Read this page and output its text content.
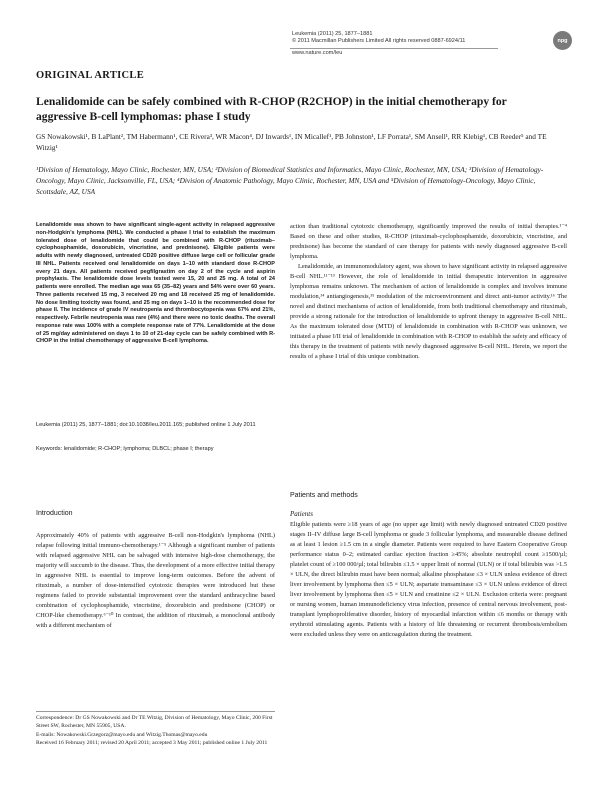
Leukemia (2011) 25, 1877–1881
© 2011 Macmillan Publishers Limited All rights reserved 0887-6924/11
www.nature.com/leu
npg
ORIGINAL ARTICLE
Lenalidomide can be safely combined with R-CHOP (R2CHOP) in the initial chemotherapy for aggressive B-cell lymphomas: phase I study
GS Nowakowski¹, B LaPlant², TM Habermann¹, CE Rivera³, WR Macon⁴, DJ Inwards¹, IN Micallef¹, PB Johnston¹, LF Porrata¹, SM Ansell¹, RR Klebig¹, CB Reeder⁵ and TE Witzig¹
¹Division of Hematology, Mayo Clinic, Rochester, MN, USA; ²Division of Biomedical Statistics and Informatics, Mayo Clinic, Rochester, MN, USA; ³Division of Hematology-Oncology, Mayo Clinic, Jacksonville, FL, USA; ⁴Division of Anatomic Pathology, Mayo Clinic, Rochester, MN, USA and ⁵Division of Hematology-Oncology, Mayo Clinic, Scottsdale, AZ, USA
Lenalidomide was shown to have significant single-agent activity in relapsed aggressive non-Hodgkin's lymphoma (NHL). We conducted a phase I trial to establish the maximum tolerated dose of lenalidomide that could be combined with R-CHOP (rituximab–cyclophosphamide, doxorubicin, vincristine, and prednisone). Eligible patients were adults with newly diagnosed, untreated CD20 positive diffuse large cell or follicular grade III NHL. Patients received oral lenalidomide on days 1–10 with standard dose R-CHOP every 21 days. All patients received pegfilgrastim on day 2 of the cycle and aspirin prophylaxis. The lenalidomide dose levels tested were 15, 20 and 25 mg. A total of 24 patients were enrolled. The median age was 65 (35–82) years and 54% were over 60 years. Three patients received 15 mg, 3 received 20 mg and 18 received 25 mg of lenalidomide. No dose limiting toxicity was found, and 25 mg on days 1–10 is the recommended dose for phase II. The incidence of grade IV neutropenia and thrombocytopenia was 67% and 21%, respectively. Febrile neutropenia was rare (4%) and there were no toxic deaths. The overall response rate was 100% with a complete response rate of 77%. Lenalidomide at the dose of 25 mg/day administered on days 1 to 10 of 21-day cycle can be safely combined with R-CHOP in the initial chemotherapy of aggressive B-cell lymphoma.
Leukemia (2011) 25, 1877–1881; doi:10.1038/leu.2011.165; published online 1 July 2011
Keywords: lenalidomide; R-CHOP; lymphoma; DLBCL; phase I; therapy
Introduction
Approximately 40% of patients with aggressive B-cell non-Hodgkin's lymphoma (NHL) relapse following initial immuno-chemotherapy.¹⁻⁵ Although a significant number of patients with relapsed aggressive NHL can be salvaged with intensive high-dose chemotherapy, the majority will succumb to the disease. Thus, the development of a more effective initial therapy in aggressive NHL is essential to improve long-term outcomes. Before the advent of rituximab, a number of dose-intensified cytotoxic therapies were introduced but these regimens failed to provide substantial improvement over the standard anthracycline based combination of cyclophosphamide, vincristine, doxorubicin and prednisone (CHOP) or CHOP-like chemotherapy.⁶⁻¹⁰ In contrast, the addition of rituximab, a monoclonal antibody with a different mechanism of
Correspondence: Dr GS Nowakowski and Dr TE Witzig, Division of Hematology, Mayo Clinic, 200 First Street SW, Rochester, MN 55905, USA.
E-mails: Nowakowski.Grzegorz@mayo.edu and Witzig.Thomas@mayo.edu
Received 16 February 2011; revised 20 April 2011; accepted 3 May 2011; published online 1 July 2011

action than traditional cytotoxic chemotherapy, significantly improved the results of initial therapies.¹⁻⁴ Based on these and other studies, R-CHOP (rituximab-cyclophosphamide, doxorubicin, vincristine, and prednisone) has become the standard of care therapy for patients with newly diagnosed aggressive B-cell lymphoma.

Lenalidomide, an immunomodulatory agent, was shown to have significant activity in relapsed aggressive B-cell NHL.¹¹⁻¹³ However, the role of lenalidomide in initial therapeutic intervention in aggressive lymphomas remains unknown. The mechanism of action of lenalidomide is complex and involves immune modulation,¹⁴ antiangiogenesis,¹⁵ modulation of the microenvironment and direct anti-tumor activity.¹⁶ The novel and distinct mechanisms of action of lenalidomide, from both traditional chemotherapy and rituximab, provide a strong rationale for the introduction of lenalidomide to upfront therapy in aggressive B-cell NHL. As the maximum tolerated dose (MTD) of lenalidomide in combination with R-CHOP was unknown, we initiated a phase I/II trial of lenalidomide in combination with R-CHOP to establish the safety and efficacy of this therapy in the treatment of patients with newly diagnosed aggressive B-cell NHL. Herein, we report the results of a phase I trial of this unique combination.

Patients and methods
Patients
Eligible patients were ≥18 years of age (no upper age limit) with newly diagnosed untreated CD20 positive stages II–IV diffuse large B-cell lymphoma or grade 3 follicular lymphoma, and measurable disease defined as at least 1 lesion ≥1.5 cm in a single diameter. Patients were required to have Eastern Cooperative Group performance status 0–2; estimated cardiac ejection fraction ≥45%; absolute neutrophil count ≥1500/µl; platelet count of ≥100 000/µl; total bilirubin ≤1.5 × upper limit of normal (ULN) or if total bilirubin was >1.5 × ULN, the direct bilirubin must have been normal; alkaline phosphatase ≤3 × ULN unless evidence of direct liver involvement by lymphoma then ≤5 × ULN; aspartate transaminase ≤3 × ULN unless evidence of direct liver involvement by lymphoma then ≤5 × ULN and creatinine ≤2 × ULN. Exclusion criteria were: pregnant or nursing women, human immunodeficiency virus infection, presence of central nervous involvement, post-transplant lymphoproliferative disorder, history of myocardial infarction within ≤6 months or therapy with erythroid stimulating agents. Patients with a history of life threatening or recurrent thrombosis/embolism were excluded unless they were on anticoagulation during the treatment.
